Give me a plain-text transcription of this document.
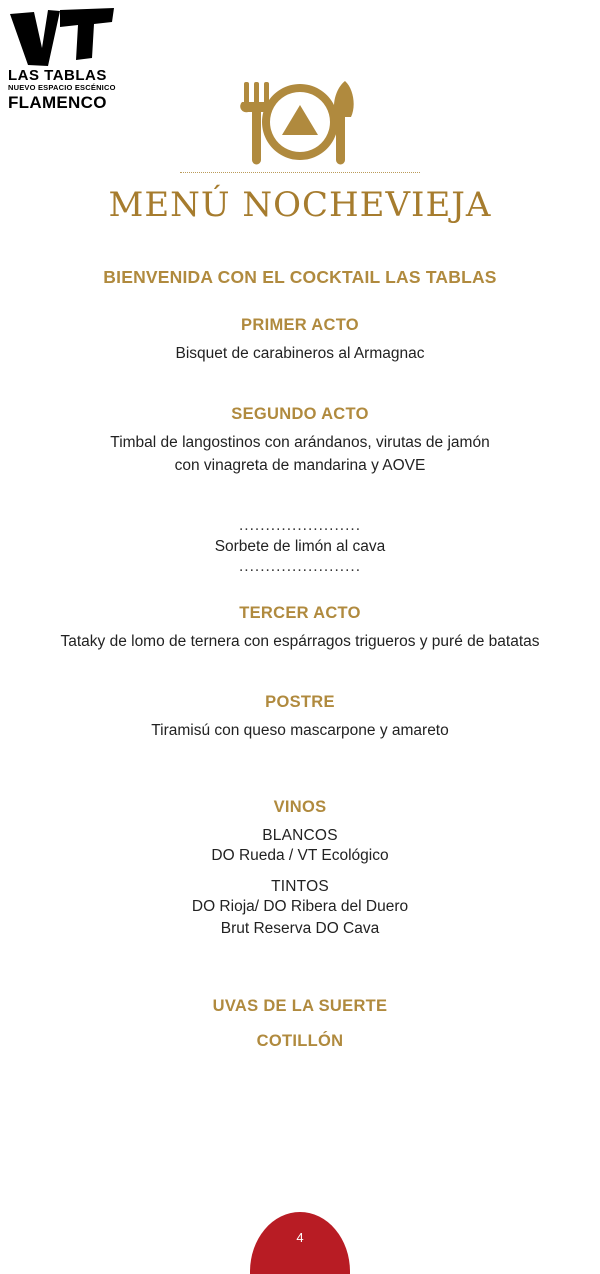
LAS TABLAS
NUEVO ESPACIO ESCÉNICO
FLAMENCO
MENÚ NOCHEVIEJA
BIENVENIDA CON EL COCKTAIL LAS TABLAS
PRIMER ACTO
Bisquet de carabineros al Armagnac
SEGUNDO ACTO
Timbal de langostinos con arándanos, virutas de jamón
con vinagreta de mandarina y AOVE
.......................
Sorbete de limón al cava
.......................
TERCER ACTO
Tataky de lomo de ternera con espárragos trigueros y puré de batatas
POSTRE
Tiramisú con queso mascarpone y amareto
VINOS
BLANCOS
DO Rueda / VT Ecológico
TINTOS
DO Rioja/ DO Ribera del Duero
Brut Reserva DO Cava
UVAS DE LA SUERTE
COTILLÓN
4
